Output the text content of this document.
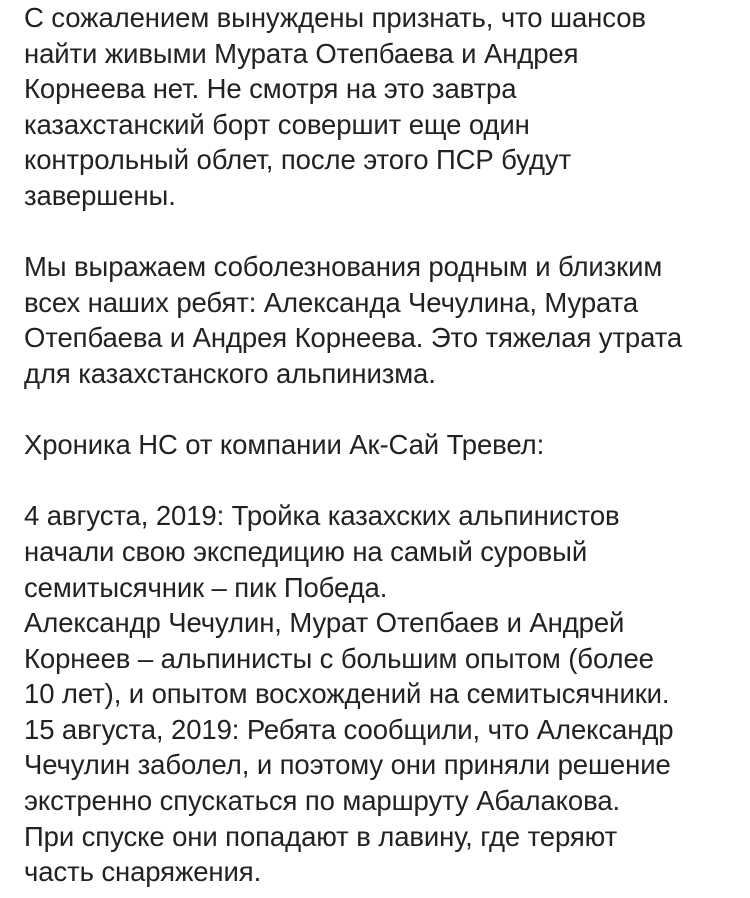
С сожалением вынуждены признать, что шансов
найти живыми Мурата Отепбаева и Андрея
Корнеева нет. Не смотря на это завтра
казахстанский борт совершит еще один
контрольный облет, после этого ПСР будут
завершены.
Мы выражаем соболезнования родным и близким
всех наших ребят: Александа Чечулина, Мурата
Отепбаева и Андрея Корнеева. Это тяжелая утрата
для казахстанского альпинизма.
Хроника НС от компании Ак-Сай Тревел:
4 августа, 2019: Тройка казахских альпинистов
начали свою экспедицию на самый суровый
семитысячник – пик Победа.
Александр Чечулин, Мурат Отепбаев и Андрей
Корнеев – альпинисты с большим опытом (более
10 лет), и опытом восхождений на семитысячники.
15 августа, 2019: Ребята сообщили, что Александр
Чечулин заболел, и поэтому они приняли решение
экстренно спускаться по маршруту Абалакова.
При спуске они попадают в лавину, где теряют
часть снаряжения.
